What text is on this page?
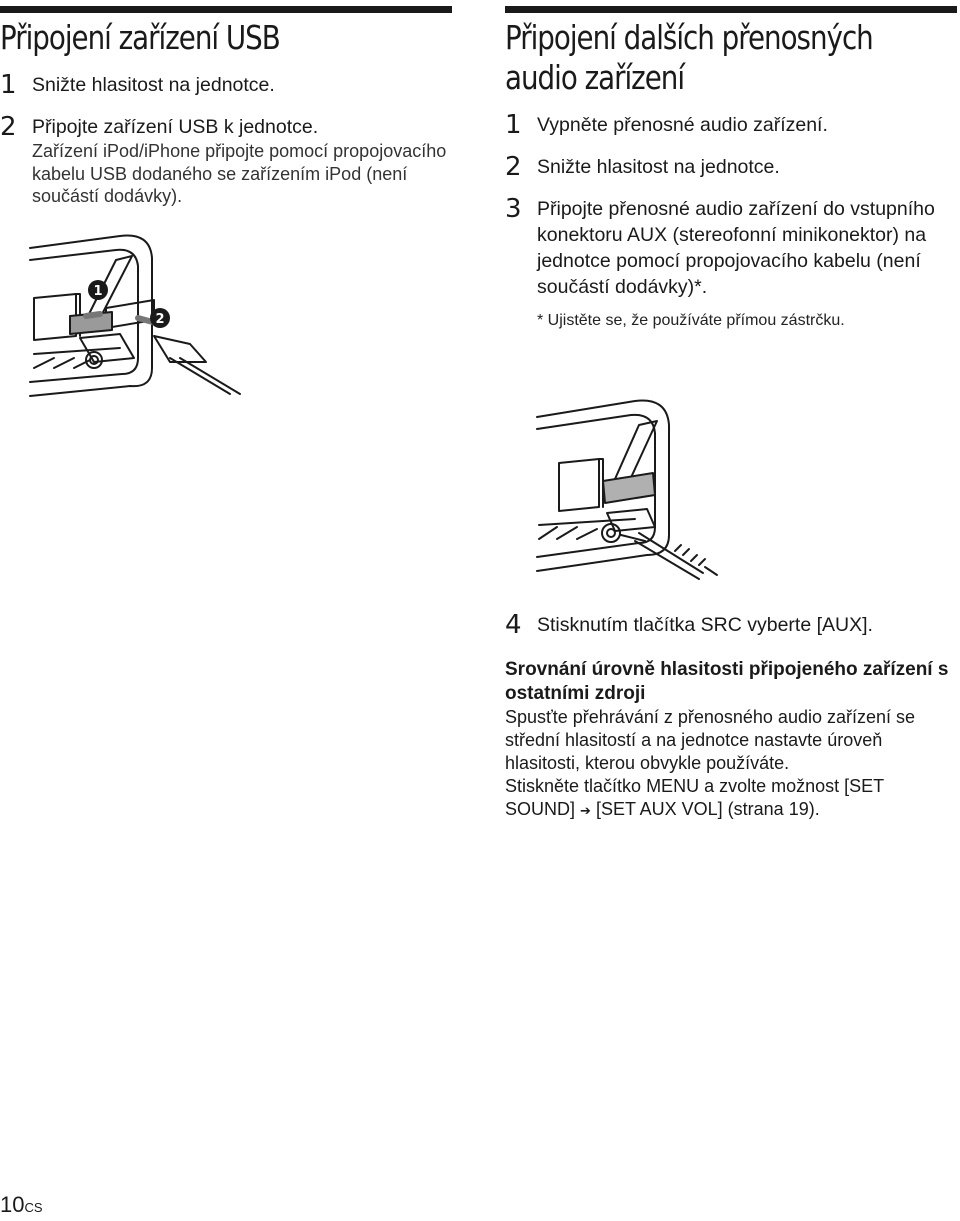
Připojení zařízení USB
1 Snižte hlasitost na jednotce.
2 Připojte zařízení USB k jednotce.
Zařízení iPod/iPhone připojte pomocí propojovacího kabelu USB dodaného se zařízením iPod (není součástí dodávky).
1
2
Připojení dalších přenosných
audio zařízení
1 Vypněte přenosné audio zařízení.
2 Snižte hlasitost na jednotce.
3 Připojte přenosné audio zařízení do vstupního konektoru AUX (stereofonní minikonektor) na jednotce pomocí propojovacího kabelu (není součástí dodávky)*.
* Ujistěte se, že používáte přímou zástrčku.
4 Stisknutím tlačítka SRC vyberte [AUX].
Srovnání úrovně hlasitosti připojeného zařízení s ostatními zdroji
Spusťte přehrávání z přenosného audio zařízení se střední hlasitostí a na jednotce nastavte úroveň hlasitosti, kterou obvykle používáte.
Stiskněte tlačítko MENU a zvolte možnost [SET SOUND] ➔ [SET AUX VOL] (strana 19).
10CS
